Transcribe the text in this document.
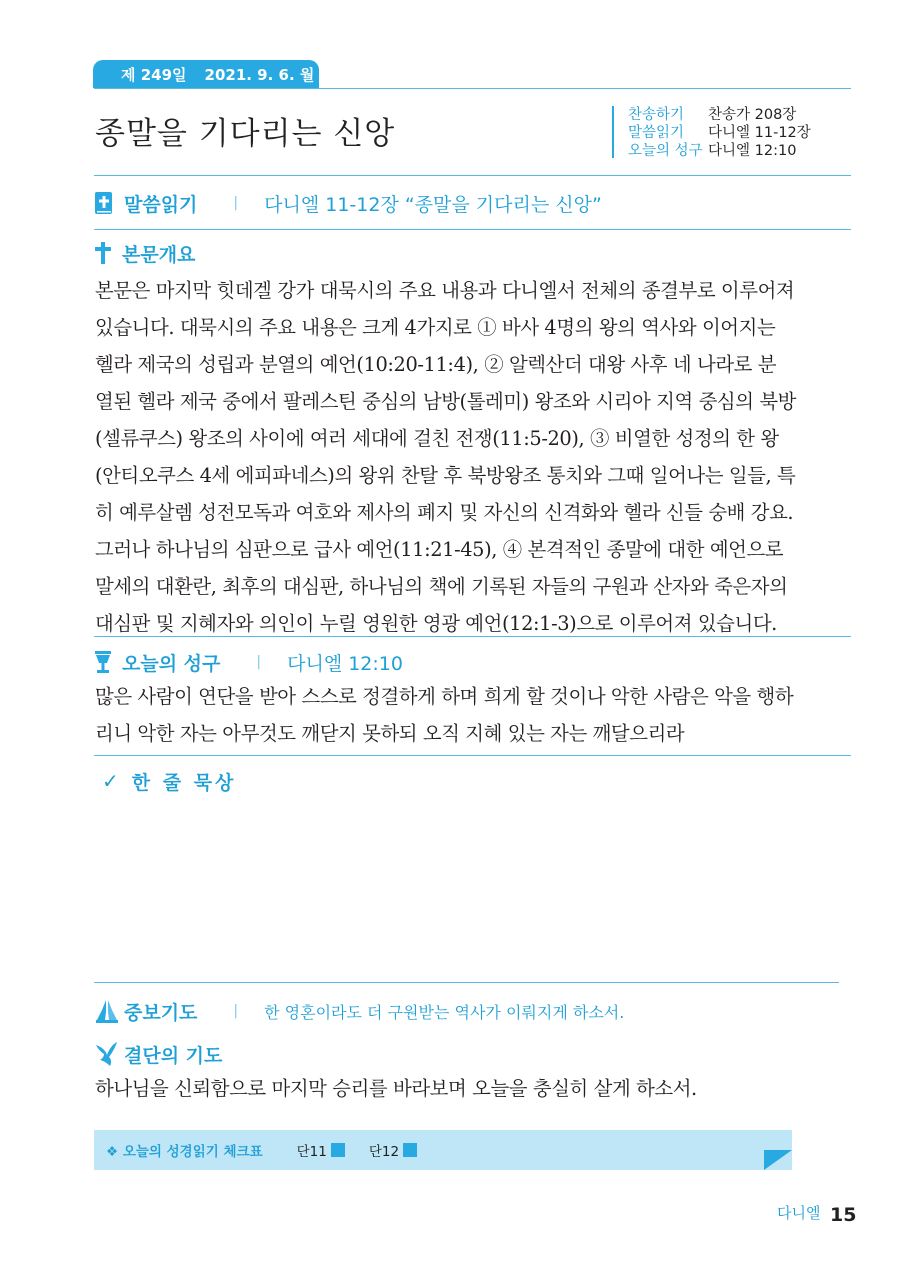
제 249일 2021. 9. 6. 월
종말을 기다리는 신앙
찬송하기 찬송가 208장
말씀읽기 다니엘 11-12장
오늘의 성구 다니엘 12:10
말씀읽기	| 다니엘 11-12장 “종말을 기다리는 신앙”
본문개요
본문은 마지막 힛데겔 강가 대묵시의 주요 내용과 다니엘서 전체의 종결부로 이루어져
있습니다. 대묵시의 주요 내용은 크게 4가지로 ① 바사 4명의 왕의 역사와 이어지는
헬라 제국의 성립과 분열의 예언(10:20-11:4), ② 알렉산더 대왕 사후 네 나라로 분
열된 헬라 제국 중에서 팔레스틴 중심의 남방(톨레미) 왕조와 시리아 지역 중심의 북방
(셀류쿠스) 왕조의 사이에 여러 세대에 걸친 전쟁(11:5-20), ③ 비열한 성정의 한 왕
(안티오쿠스 4세 에피파네스)의 왕위 찬탈 후 북방왕조 통치와 그때 일어나는 일들, 특
히 예루살렘 성전모독과 여호와 제사의 폐지 및 자신의 신격화와 헬라 신들 숭배 강요.
그러나 하나님의 심판으로 급사 예언(11:21-45), ④ 본격적인 종말에 대한 예언으로
말세의 대환란, 최후의 대심판, 하나님의 책에 기록된 자들의 구원과 산자와 죽은자의
대심판 및 지혜자와 의인이 누릴 영원한 영광 예언(12:1-3)으로 이루어져 있습니다.
오늘의 성구	| 다니엘 12:10
많은 사람이 연단을 받아 스스로 정결하게 하며 희게 할 것이나 악한 사람은 악을 행하
리니 악한 자는 아무것도 깨닫지 못하되 오직 지혜 있는 자는 깨달으리라
✓ 한 줄 묵상
중보기도	| 한 영혼이라도 더 구원받는 역사가 이뤄지게 하소서.
결단의 기도
하나님을 신뢰함으로 마지막 승리를 바라보며 오늘을 충실히 살게 하소서.
❖ 오늘의 성경읽기 체크표	단11	단12
다니엘 15
